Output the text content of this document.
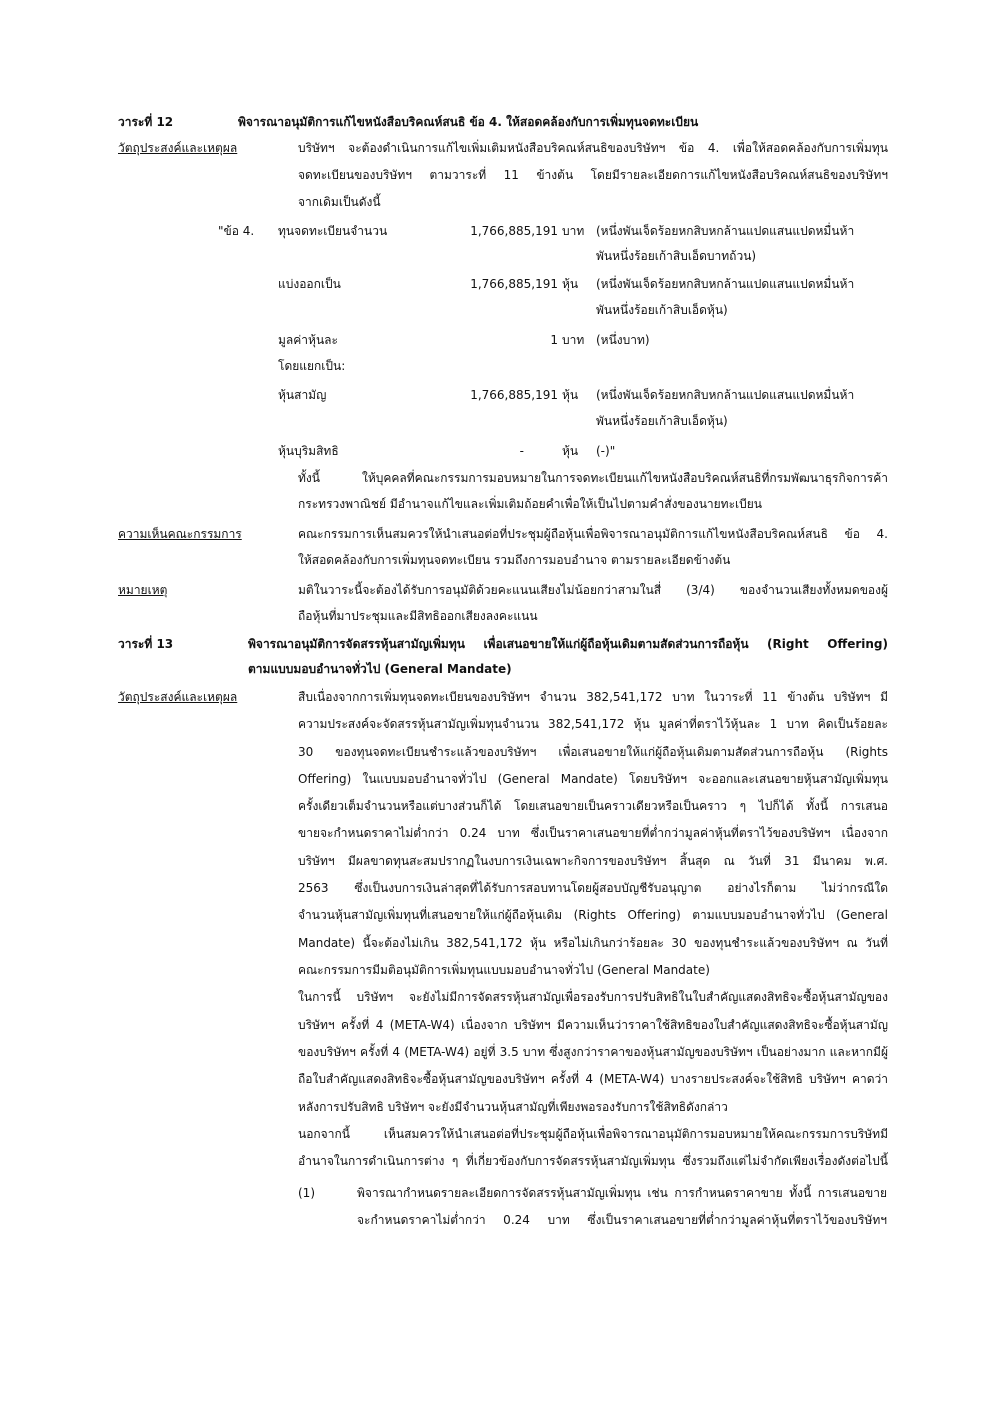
วาระที่ 12	พิจารณาอนุมัติการแก้ไขหนังสือบริคณห์สนธิ ข้อ 4. ให้สอดคล้องกับการเพิ่มทุนจดทะเบียน
วัตถุประสงค์และเหตุผล	บริษัทฯ จะต้องดำเนินการแก้ไขเพิ่มเติมหนังสือบริคณห์สนธิของบริษัทฯ ข้อ 4. เพื่อให้สอดคล้องกับการเพิ่มทุน
จดทะเบียนของบริษัทฯ ตามวาระที่ 11 ข้างต้น โดยมีรายละเอียดการแก้ไขหนังสือบริคณห์สนธิของบริษัทฯ
จากเดิมเป็นดังนี้
"ข้อ 4. ทุนจดทะเบียนจำนวน	1,766,885,191 บาท (หนึ่งพันเจ็ดร้อยหกสิบหกล้านแปดแสนแปดหมื่นห้า
พันหนึ่งร้อยเก้าสิบเอ็ดบาทถ้วน)
แบ่งออกเป็น	1,766,885,191 หุ้น (หนึ่งพันเจ็ดร้อยหกสิบหกล้านแปดแสนแปดหมื่นห้า
พันหนึ่งร้อยเก้าสิบเอ็ดหุ้น)
มูลค่าหุ้นละ	1 บาท (หนึ่งบาท)
โดยแยกเป็น:
หุ้นสามัญ	1,766,885,191 หุ้น (หนึ่งพันเจ็ดร้อยหกสิบหกล้านแปดแสนแปดหมื่นห้า
พันหนึ่งร้อยเก้าสิบเอ็ดหุ้น)
หุ้นบุริมสิทธิ	-	หุ้น (-)"
ทั้งนี้ ให้บุคคลที่คณะกรรมการมอบหมายในการจดทะเบียนแก้ไขหนังสือบริคณห์สนธิที่กรมพัฒนาธุรกิจการค้า
กระทรวงพาณิชย์ มีอำนาจแก้ไขและเพิ่มเติมถ้อยคำเพื่อให้เป็นไปตามคำสั่งของนายทะเบียน
ความเห็นคณะกรรมการ	คณะกรรมการเห็นสมควรให้นำเสนอต่อที่ประชุมผู้ถือหุ้นเพื่อพิจารณาอนุมัติการแก้ไขหนังสือบริคณห์สนธิ ข้อ 4.
ให้สอดคล้องกับการเพิ่มทุนจดทะเบียน รวมถึงการมอบอำนาจ ตามรายละเอียดข้างต้น
หมายเหตุ	มติในวาระนี้จะต้องได้รับการอนุมัติด้วยคะแนนเสียงไม่น้อยกว่าสามในสี่ (3/4) ของจำนวนเสียงทั้งหมดของผู้
ถือหุ้นที่มาประชุมและมีสิทธิออกเสียงลงคะแนน
วาระที่ 13	พิจารณาอนุมัติการจัดสรรหุ้นสามัญเพิ่มทุน เพื่อเสนอขายให้แก่ผู้ถือหุ้นเดิมตามสัดส่วนการถือหุ้น (Right Offering)
ตามแบบมอบอำนาจทั่วไป (General Mandate)
วัตถุประสงค์และเหตุผล	สืบเนื่องจากการเพิ่มทุนจดทะเบียนของบริษัทฯ จำนวน 382,541,172 บาท ในวาระที่ 11 ข้างต้น บริษัทฯ มี
ความประสงค์จะจัดสรรหุ้นสามัญเพิ่มทุนจำนวน 382,541,172 หุ้น มูลค่าที่ตราไว้หุ้นละ 1 บาท คิดเป็นร้อยละ
30 ของทุนจดทะเบียนชำระแล้วของบริษัทฯ เพื่อเสนอขายให้แก่ผู้ถือหุ้นเดิมตามสัดส่วนการถือหุ้น (Rights
Offering) ในแบบมอบอำนาจทั่วไป (General Mandate) โดยบริษัทฯ จะออกและเสนอขายหุ้นสามัญเพิ่มทุน
ครั้งเดียวเต็มจำนวนหรือแต่บางส่วนก็ได้ โดยเสนอขายเป็นคราวเดียวหรือเป็นคราว ๆ ไปก็ได้ ทั้งนี้ การเสนอ
ขายจะกำหนดราคาไม่ต่ำกว่า 0.24 บาท ซึ่งเป็นราคาเสนอขายที่ต่ำกว่ามูลค่าหุ้นที่ตราไว้ของบริษัทฯ เนื่องจาก
บริษัทฯ มีผลขาดทุนสะสมปรากฏในงบการเงินเฉพาะกิจการของบริษัทฯ สิ้นสุด ณ วันที่ 31 มีนาคม พ.ศ.
2563 ซึ่งเป็นงบการเงินล่าสุดที่ได้รับการสอบทานโดยผู้สอบบัญชีรับอนุญาต อย่างไรก็ตาม ไม่ว่ากรณีใด
จำนวนหุ้นสามัญเพิ่มทุนที่เสนอขายให้แก่ผู้ถือหุ้นเดิม (Rights Offering) ตามแบบมอบอำนาจทั่วไป (General
Mandate) นี้จะต้องไม่เกิน 382,541,172 หุ้น หรือไม่เกินกว่าร้อยละ 30 ของทุนชำระแล้วของบริษัทฯ ณ วันที่
คณะกรรมการมีมติอนุมัติการเพิ่มทุนแบบมอบอำนาจทั่วไป (General Mandate)
ในการนี้ บริษัทฯ จะยังไม่มีการจัดสรรหุ้นสามัญเพื่อรองรับการปรับสิทธิในใบสำคัญแสดงสิทธิจะซื้อหุ้นสามัญของ
บริษัทฯ ครั้งที่ 4 (META-W4) เนื่องจาก บริษัทฯ มีความเห็นว่าราคาใช้สิทธิของใบสำคัญแสดงสิทธิจะซื้อหุ้นสามัญ
ของบริษัทฯ ครั้งที่ 4 (META-W4) อยู่ที่ 3.5 บาท ซึ่งสูงกว่าราคาของหุ้นสามัญของบริษัทฯ เป็นอย่างมาก และหากมีผู้
ถือใบสำคัญแสดงสิทธิจะซื้อหุ้นสามัญของบริษัทฯ ครั้งที่ 4 (META-W4) บางรายประสงค์จะใช้สิทธิ บริษัทฯ คาดว่า
หลังการปรับสิทธิ บริษัทฯ จะยังมีจำนวนหุ้นสามัญที่เพียงพอรองรับการใช้สิทธิดังกล่าว
นอกจากนี้ เห็นสมควรให้นำเสนอต่อที่ประชุมผู้ถือหุ้นเพื่อพิจารณาอนุมัติการมอบหมายให้คณะกรรมการบริษัทมี
อำนาจในการดำเนินการต่าง ๆ ที่เกี่ยวข้องกับการจัดสรรหุ้นสามัญเพิ่มทุน ซึ่งรวมถึงแต่ไม่จำกัดเพียงเรื่องดังต่อไปนี้
(1)	พิจารณากำหนดรายละเอียดการจัดสรรหุ้นสามัญเพิ่มทุน เช่น การกำหนดราคาขาย ทั้งนี้ การเสนอขาย
จะกำหนดราคาไม่ต่ำกว่า 0.24 บาท ซึ่งเป็นราคาเสนอขายที่ต่ำกว่ามูลค่าหุ้นที่ตราไว้ของบริษัทฯ
